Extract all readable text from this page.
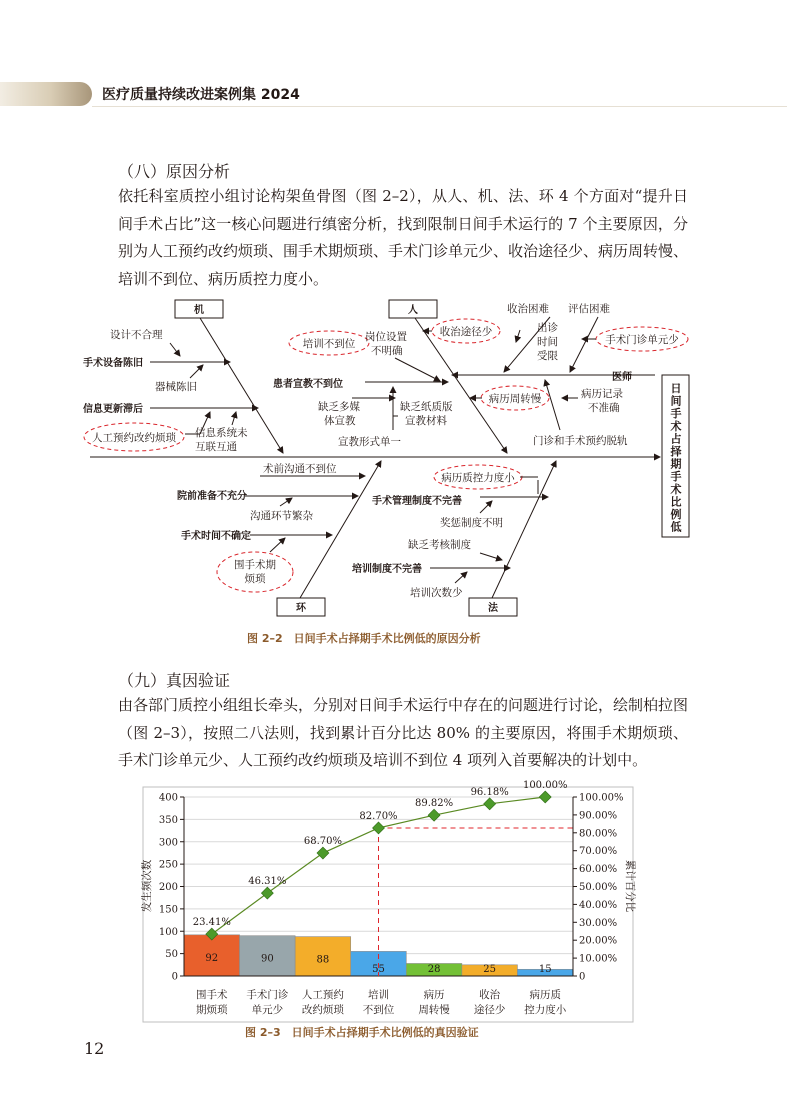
医疗质量持续改进案例集 2024
（八）原因分析

依托科室质控小组讨论构架鱼骨图（图 2–2），从人、机、法、环 4 个方面对“提升日间手术占比”这一核心问题进行缜密分析，找到限制日间手术运行的 7 个主要原因，分别为人工预约改约烦琐、围手术期烦琐、手术门诊单元少、收治途径少、病历周转慢、培训不到位、病历质控力度小。

日间手术占择期手术比例低
机	人
环	法
设计不合理
手术设备陈旧
器械陈旧
信息更新滞后
人工预约改约烦琐 信息系统未
互联互通
培训不到位
岗位设置
不明确
患者宣教不到位
缺乏多媒
体宣教
缺乏纸质版
宣教材料
宣教形式单一
收治途径少
收治困难 评估困难
出诊
时间
受限
手术门诊单元少
医师
病历周转慢	病历记录
不准确
门诊和手术预约脱轨
术前沟通不到位
院前准备不充分
沟通环节繁杂
手术时间不确定
围手术期
烦琐
病历质控力度小
手术管理制度不完善
奖惩制度不明
缺乏考核制度
培训制度不完善
培训次数少
图 2–2　日间手术占择期手术比例低的原因分析
（九）真因验证

由各部门质控小组组长牵头，分别对日间手术运行中存在的问题进行讨论，绘制柏拉图（图 2–3），按照二八法则，找到累计百分比达 80% 的主要原因，将围手术期烦琐、手术门诊单元少、人工预约改约烦琐及培训不到位 4 项列入首要解决的计划中。

0
50
100
150
200
250
300
350
400
0
10.00%
20.00%
30.00%
40.00%
50.00%
60.00%
70.00%
80.00%
90.00%
100.00%
92
围手术
期烦琐
90
手术门诊
单元少
88
人工预约
改约烦琐
55
培训
不到位
28
病历
周转慢
25
收治
途径少
15
病历质
控力度小
23.41%
46.31%
68.70%
82.70%
89.82%
96.18%
100.00%
发生频次数	累计百分比
图 2–3　日间手术占择期手术比例低的真因验证
12
